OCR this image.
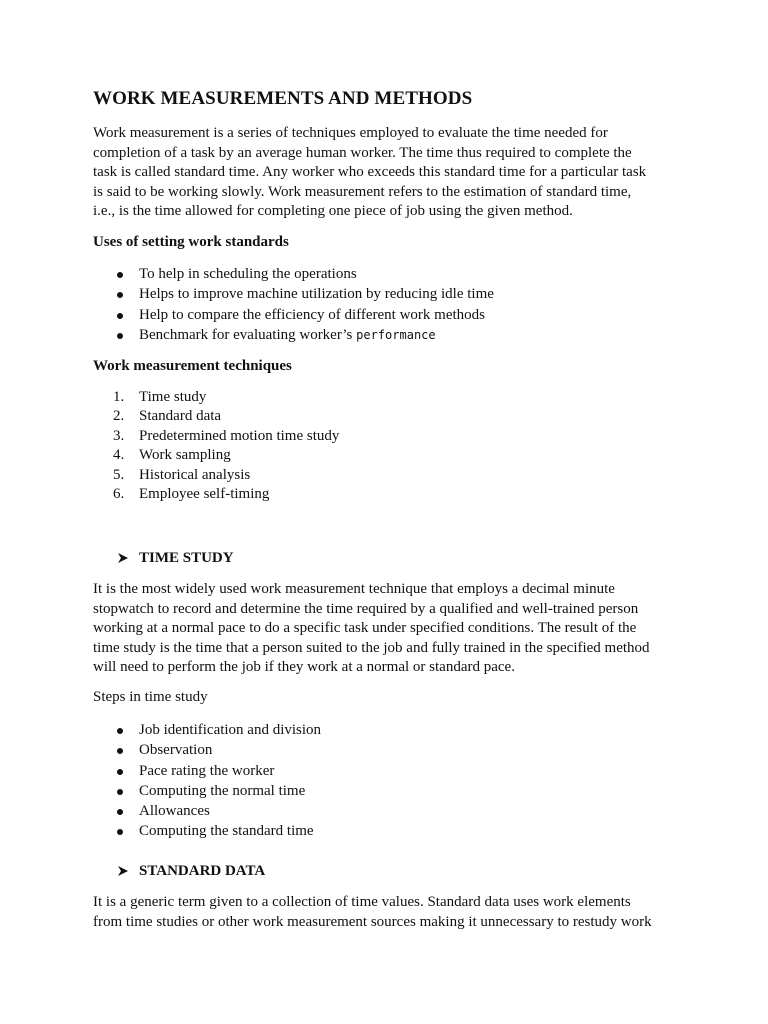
WORK MEASUREMENTS AND METHODS
Work measurement is a series of techniques employed to evaluate the time needed for
completion of a task by an average human worker. The time thus required to complete the
task is called standard time. Any worker who exceeds this standard time for a particular task
is said to be working slowly. Work measurement refers to the estimation of standard time,
i.e., is the time allowed for completing one piece of job using the given method.
Uses of setting work standards
To help in scheduling the operations
Helps to improve machine utilization by reducing idle time
Help to compare the efficiency of different work methods
Benchmark for evaluating worker’s performance
Work measurement techniques
1. Time study
2. Standard data
3. Predetermined motion time study
4. Work sampling
5. Historical analysis
6. Employee self-timing
TIME STUDY
It is the most widely used work measurement technique that employs a decimal minute
stopwatch to record and determine the time required by a qualified and well-trained person
working at a normal pace to do a specific task under specified conditions. The result of the
time study is the time that a person suited to the job and fully trained in the specified method
will need to perform the job if they work at a normal or standard pace.
Steps in time study
Job identification and division
Observation
Pace rating the worker
Computing the normal time
Allowances
Computing the standard time
STANDARD DATA
It is a generic term given to a collection of time values. Standard data uses work elements
from time studies or other work measurement sources making it unnecessary to restudy work
